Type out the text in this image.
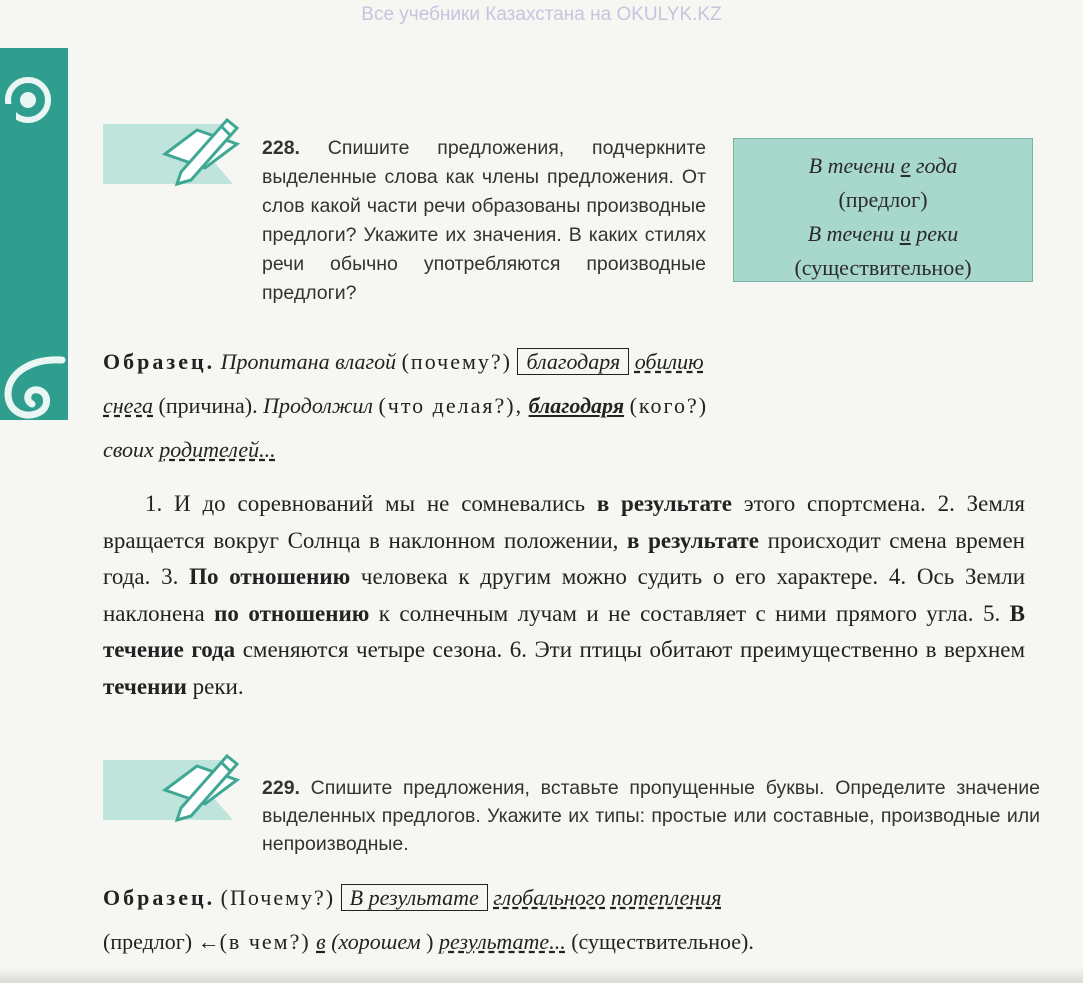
Все учебники Казахстана на OKULYK.KZ
228. Спишите предложения, подчеркните выделенные слова как члены предложения. От слов какой части речи образованы производные предлоги? Укажите их значения. В каких стилях речи обычно употребляются производные предлоги?
В течени е года
(предлог)
В течени и реки
(существительное)
Образец. Пропитана влагой (почему?) благодаря обилию
снега (причина). Продолжил (что делая?), благодаря (кого?)
своих родителей...
1. И до соревнований мы не сомневались в результате этого спортсмена. 2. Земля вращается вокруг Солнца в наклонном положении, в результате происходит смена времен года. 3. По отношению человека к другим можно судить о его характере. 4. Ось Земли наклонена по отношению к солнечным лучам и не составляет с ними прямого угла. 5. В течение года сменяются четыре сезона. 6. Эти птицы обитают преимущественно в верхнем течении реки.
229. Спишите предложения, вставьте пропущенные буквы. Определите значение выделенных предлогов. Укажите их типы: простые или составные, производные или непроизводные.
Образец. (Почему?) В результате глобального потепления
(предлог) ←(в чем?) в (хорошем ) результате... (существительное).
